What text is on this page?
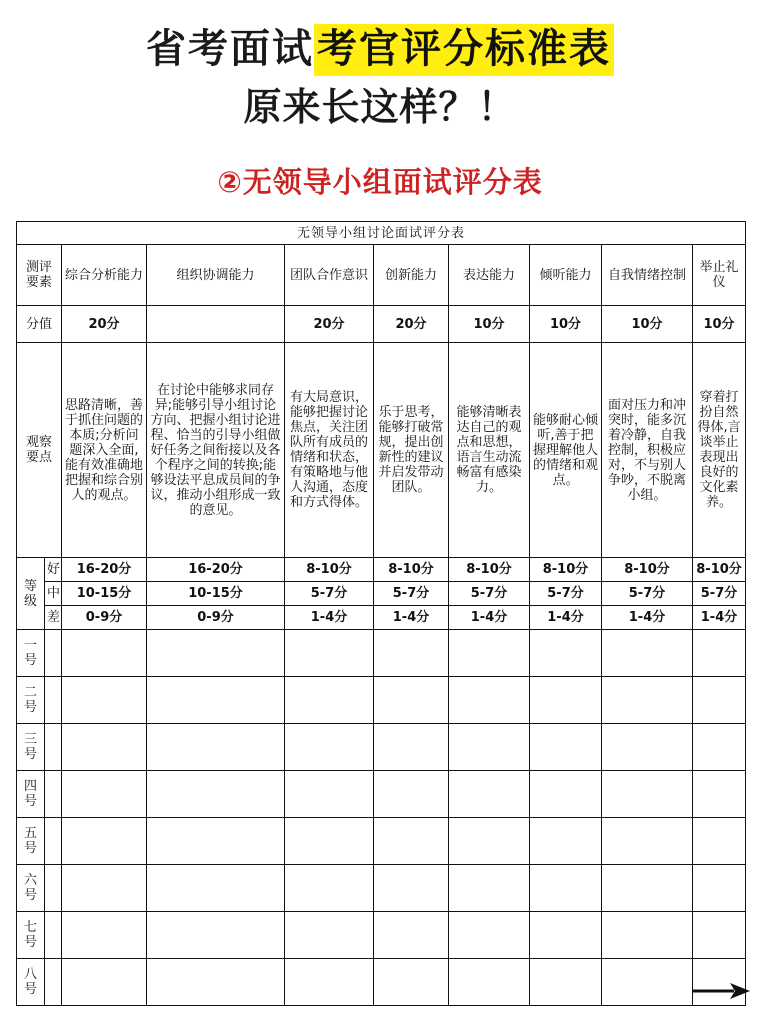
省考面试考官评分标准表
原来长这样？！
②无领导小组面试评分表
无领导小组讨论面试评分表									

测评
要素		综合分析能力	组织协调能力	团队合作意识	创新能力	表达能力	倾听能力	自我情绪控制	举止礼仪
分值		20分		20分	20分	10分	10分	10分	10分

观察
要点		思路清晰，善于抓住问题的本质;分析问题深入全面,能有效准确地把握和综合别人的观点。	在讨论中能够求同存异;能够引导小组讨论方向、把握小组讨论进程、恰当的引导小组做好任务之间衔接以及各个程序之间的转换;能够设法平息成员间的争议，推动小组形成一致的意见。	有大局意识，能够把握讨论焦点，关注团队所有成员的情绪和状态，有策略地与他人沟通，态度和方式得体。	乐于思考，能够打破常规，提出创新性的建议并启发带动团队。	能够清晰表达自己的观点和思想，语言生动流畅富有感染力。	能够耐心倾听,善于把握理解他人的情绪和观点。	面对压力和冲突时，能多沉着冷静，自我控制，积极应对，不与别人争吵，不脱离小组。	穿着打扮自然得体,言谈举止表现出良好的文化素养。

等
级	好	16-20分	16-20分	8-10分	8-10分	8-10分	8-10分	8-10分	8-10分
	中	10-15分	10-15分	5-7分	5-7分	5-7分	5-7分	5-7分	5-7分
	差	0-9分	0-9分	1-4分	1-4分	1-4分	1-4分	1-4分	1-4分

一
号									

二
号									

三
号									

四
号									

五
号									

六
号									

七
号									

八
号									
